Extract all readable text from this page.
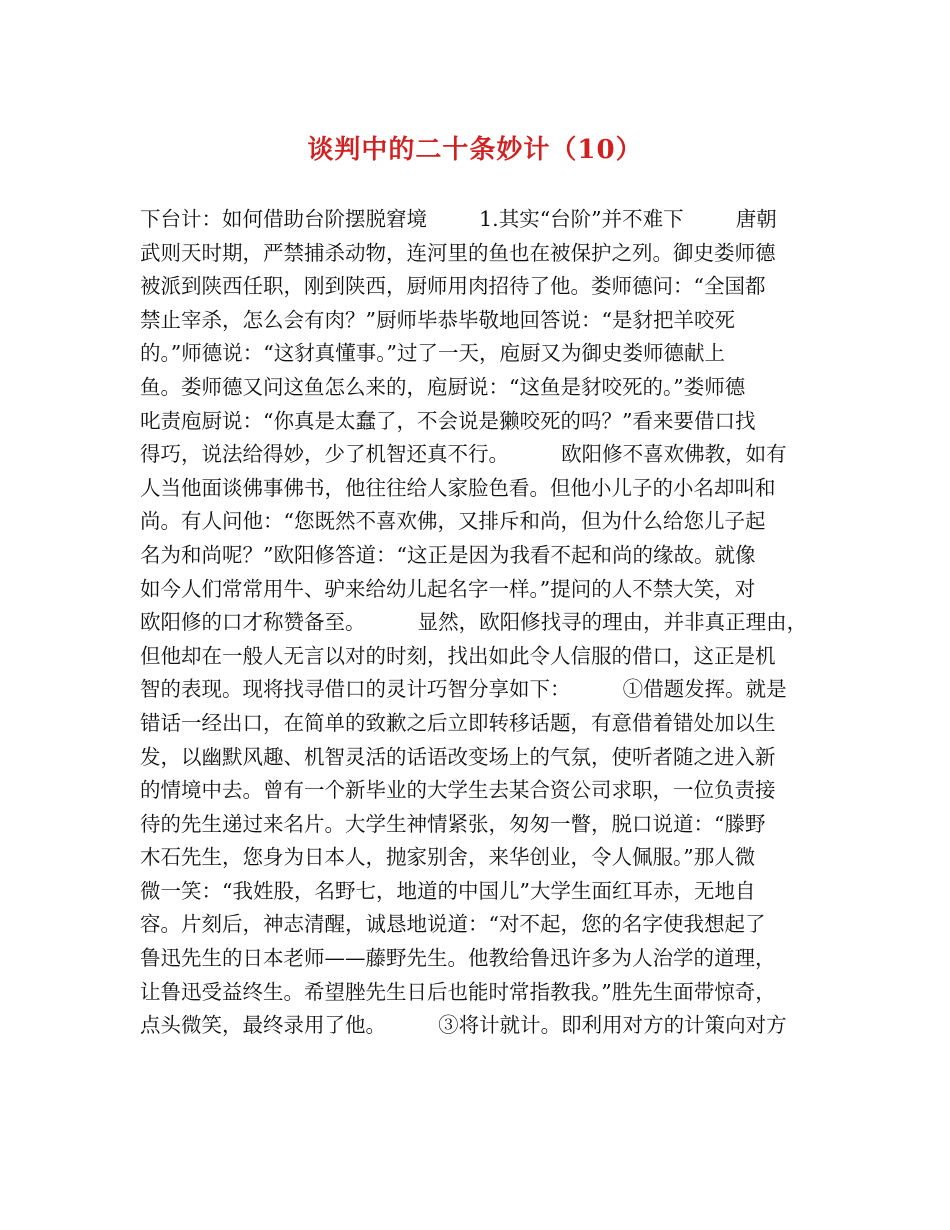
谈判中的二十条妙计（10）
下台计：如何借助台阶摆脱窘境        1.其实“台阶”并不难下        唐朝
武则天时期，严禁捕杀动物，连河里的鱼也在被保护之列。御史娄师德
被派到陕西任职，刚到陕西，厨师用肉招待了他。娄师德问：“全国都
禁止宰杀，怎么会有肉？”厨师毕恭毕敬地回答说：“是豺把羊咬死
的。”师德说：“这豺真懂事。”过了一天，庖厨又为御史娄师德献上
鱼。娄师德又问这鱼怎么来的，庖厨说：“这鱼是豺咬死的。”娄师德
叱责庖厨说：“你真是太蠢了，不会说是獭咬死的吗？”看来要借口找
得巧，说法给得妙，少了机智还真不行。        欧阳修不喜欢佛教，如有
人当他面谈佛事佛书，他往往给人家脸色看。但他小儿子的小名却叫和
尚。有人问他：“您既然不喜欢佛，又排斥和尚，但为什么给您儿子起
名为和尚呢？”欧阳修答道：“这正是因为我看不起和尚的缘故。就像
如今人们常常用牛、驴来给幼儿起名字一样。”提问的人不禁大笑，对
欧阳修的口才称赞备至。        显然，欧阳修找寻的理由，并非真正理由，
但他却在一般人无言以对的时刻，找出如此令人信服的借口，这正是机
智的表现。现将找寻借口的灵计巧智分享如下：        ①借题发挥。就是
错话一经出口，在简单的致歉之后立即转移话题，有意借着错处加以生
发，以幽默风趣、机智灵活的话语改变场上的气氛，使听者随之进入新
的情境中去。曾有一个新毕业的大学生去某合资公司求职，一位负责接
待的先生递过来名片。大学生神情紧张，匆匆一瞥，脱口说道：“滕野
木石先生，您身为日本人，抛家别舍，来华创业，令人佩服。”那人微
微一笑：“我姓股，名野七，地道的中国儿”大学生面红耳赤，无地自
容。片刻后，神志清醒，诚恳地说道：“对不起，您的名字使我想起了
鲁迅先生的日本老师——藤野先生。他教给鲁迅许多为人治学的道理，
让鲁迅受益终生。希望脞先生日后也能时常指教我。”胜先生面带惊奇，
点头微笑，最终录用了他。        ③将计就计。即利用对方的计策向对方
